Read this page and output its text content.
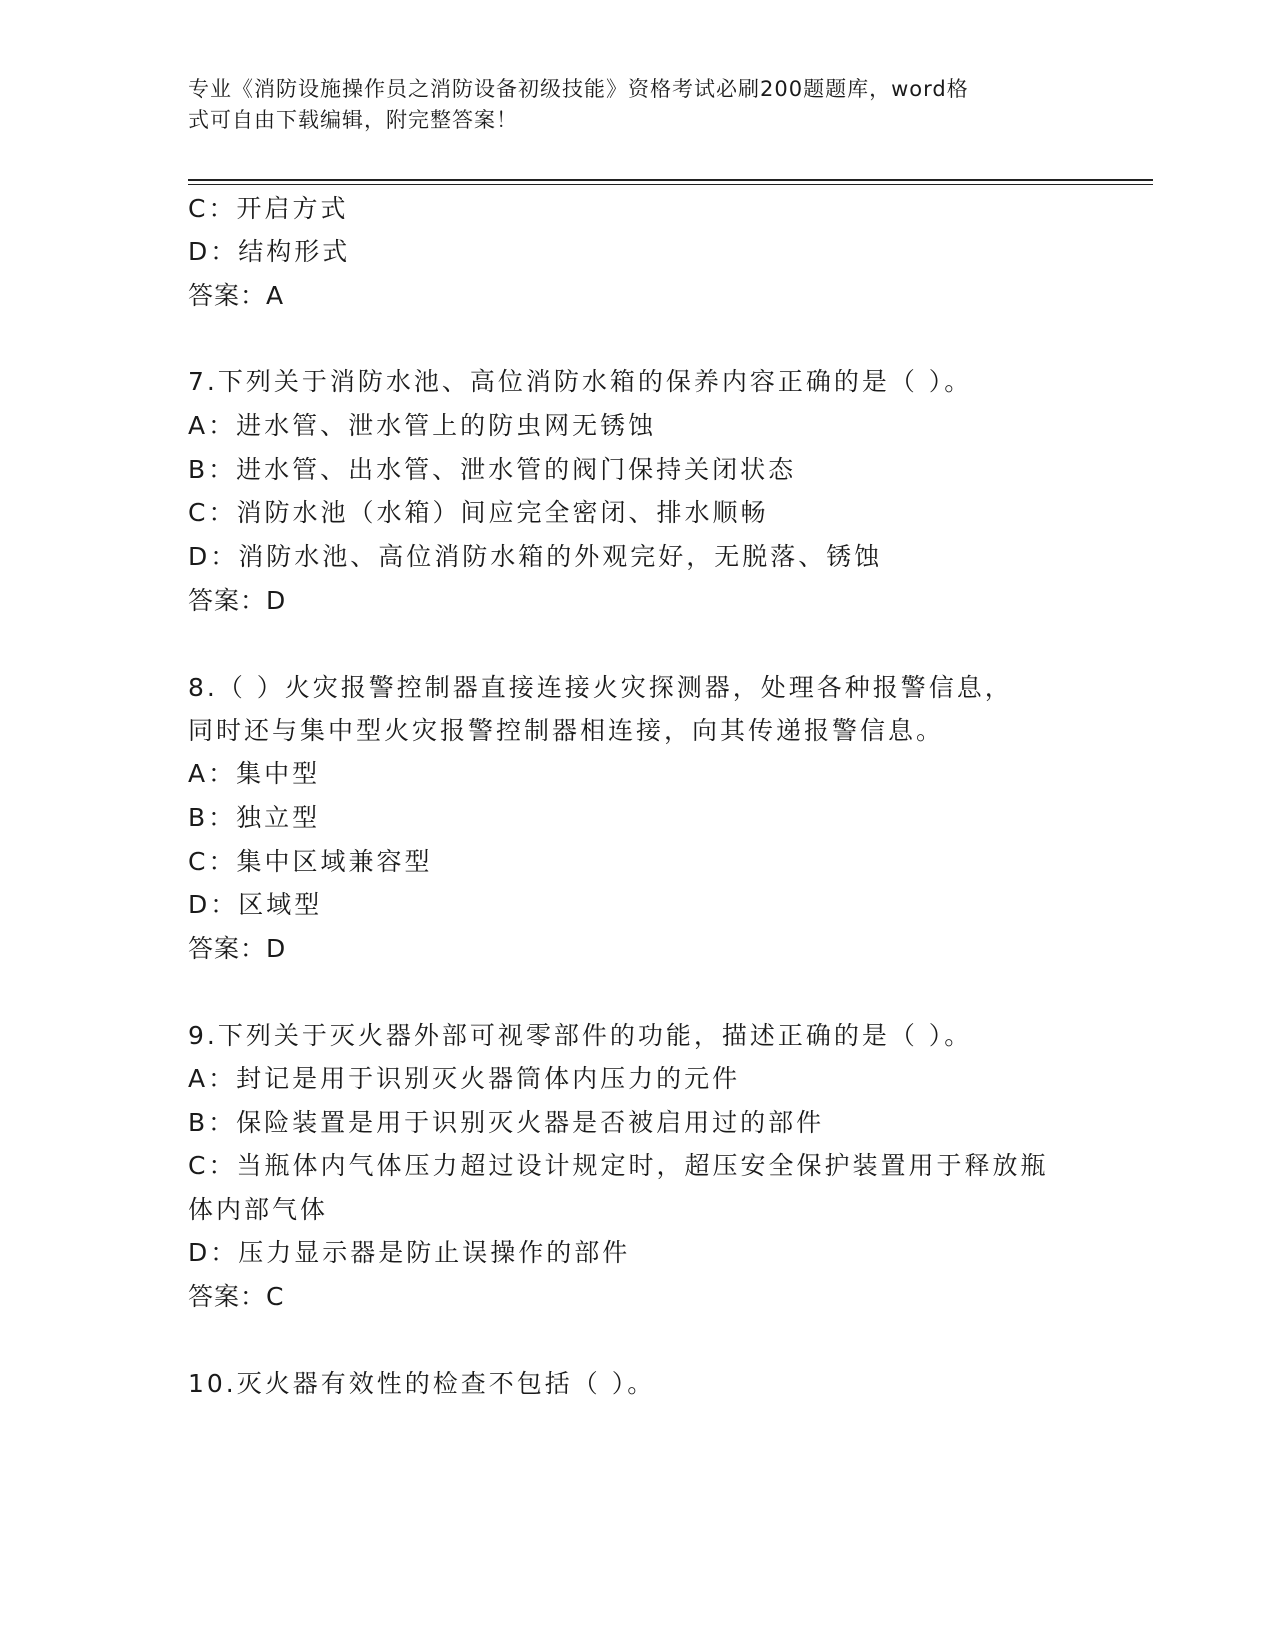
专业《消防设施操作员之消防设备初级技能》资格考试必刷200题题库，word格
式可自由下载编辑，附完整答案！
C：开启方式
D：结构形式
答案：A
7.下列关于消防水池、高位消防水箱的保养内容正确的是（ ）。
A：进水管、泄水管上的防虫网无锈蚀
B：进水管、出水管、泄水管的阀门保持关闭状态
C：消防水池（水箱）间应完全密闭、排水顺畅
D：消防水池、高位消防水箱的外观完好，无脱落、锈蚀
答案：D
8.（ ）火灾报警控制器直接连接火灾探测器，处理各种报警信息，
同时还与集中型火灾报警控制器相连接，向其传递报警信息。
A：集中型
B：独立型
C：集中区域兼容型
D：区域型
答案：D
9.下列关于灭火器外部可视零部件的功能，描述正确的是（ ）。
A：封记是用于识别灭火器筒体内压力的元件
B：保险装置是用于识别灭火器是否被启用过的部件
C：当瓶体内气体压力超过设计规定时，超压安全保护装置用于释放瓶
体内部气体
D：压力显示器是防止误操作的部件
答案：C
10.灭火器有效性的检查不包括（ ）。
